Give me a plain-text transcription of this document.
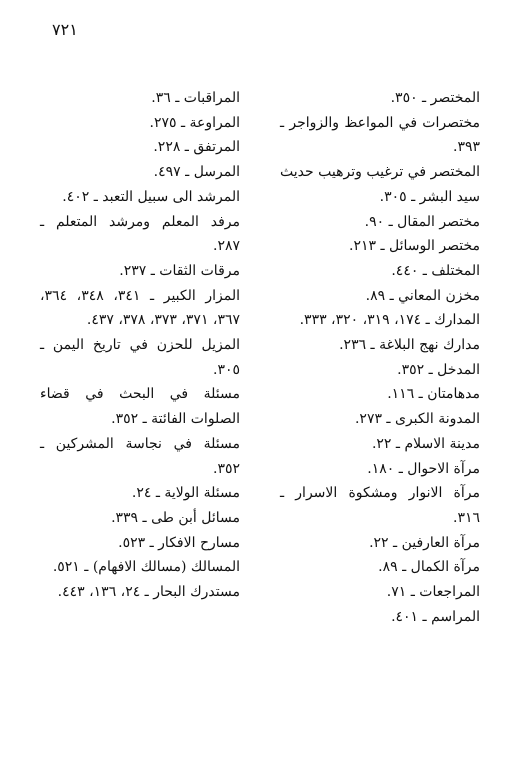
٧٢١

المختصر ـ ٣٥٠.

مختصرات في المواعظ والزواجر ـ ٣٩٣.

المختصر في ترغيب وترهيب حديث سيد البشر ـ ٣٠٥.

مختصر المقال ـ ٩٠.

مختصر الوسائل ـ ٢١٣.

المختلف ـ ٤٤٠.

مخزن المعاني ـ ٨٩.

المدارك ـ ١٧٤، ٣١٩، ٣٢٠، ٣٣٣.

مدارك نهج البلاغة ـ ٢٣٦.

المدخل ـ ٣٥٢.

مدهامتان ـ ١١٦.

المدونة الكبرى ـ ٢٧٣.

مدينة الاسلام ـ ٢٢.

مرآة الاحوال ـ ١٨٠.

مرآة الانوار ومشكوة الاسرار ـ ٣١٦.

مرآة العارفين ـ ٢٢.

مرآة الكمال ـ ٨٩.

المراجعات ـ ٧١.

المراسم ـ ٤٠١.

المراقبات ـ ٣٦.

المراوعة ـ ٢٧٥.

المرتفق ـ ٢٢٨.

المرسل ـ ٤٩٧.

المرشد الى سبيل التعبد ـ ٤٠٢.

مرفد المعلم ومرشد المتعلم ـ ٢٨٧.

مرقات الثقات ـ ٢٣٧.

المزار الكبير ـ ٣٤١، ٣٤٨، ٣٦٤، ٣٦٧، ٣٧١، ٣٧٣، ٣٧٨، ٤٣٧.

المزيل للحزن في تاريخ اليمن ـ ٣٠٥.

مسئلة في البحث في قضاء الصلوات الفائتة ـ ٣٥٢.

مسئلة في نجاسة المشركين ـ ٣٥٢.

مسئلة الولاية ـ ٢٤.

مسائل أبن طى ـ ٣٣٩.

مسارح الافكار ـ ٥٢٣.

المسالك (مسالك الافهام) ـ ٥٢١.

مستدرك البحار ـ ٢٤، ١٣٦، ٤٤٣.
